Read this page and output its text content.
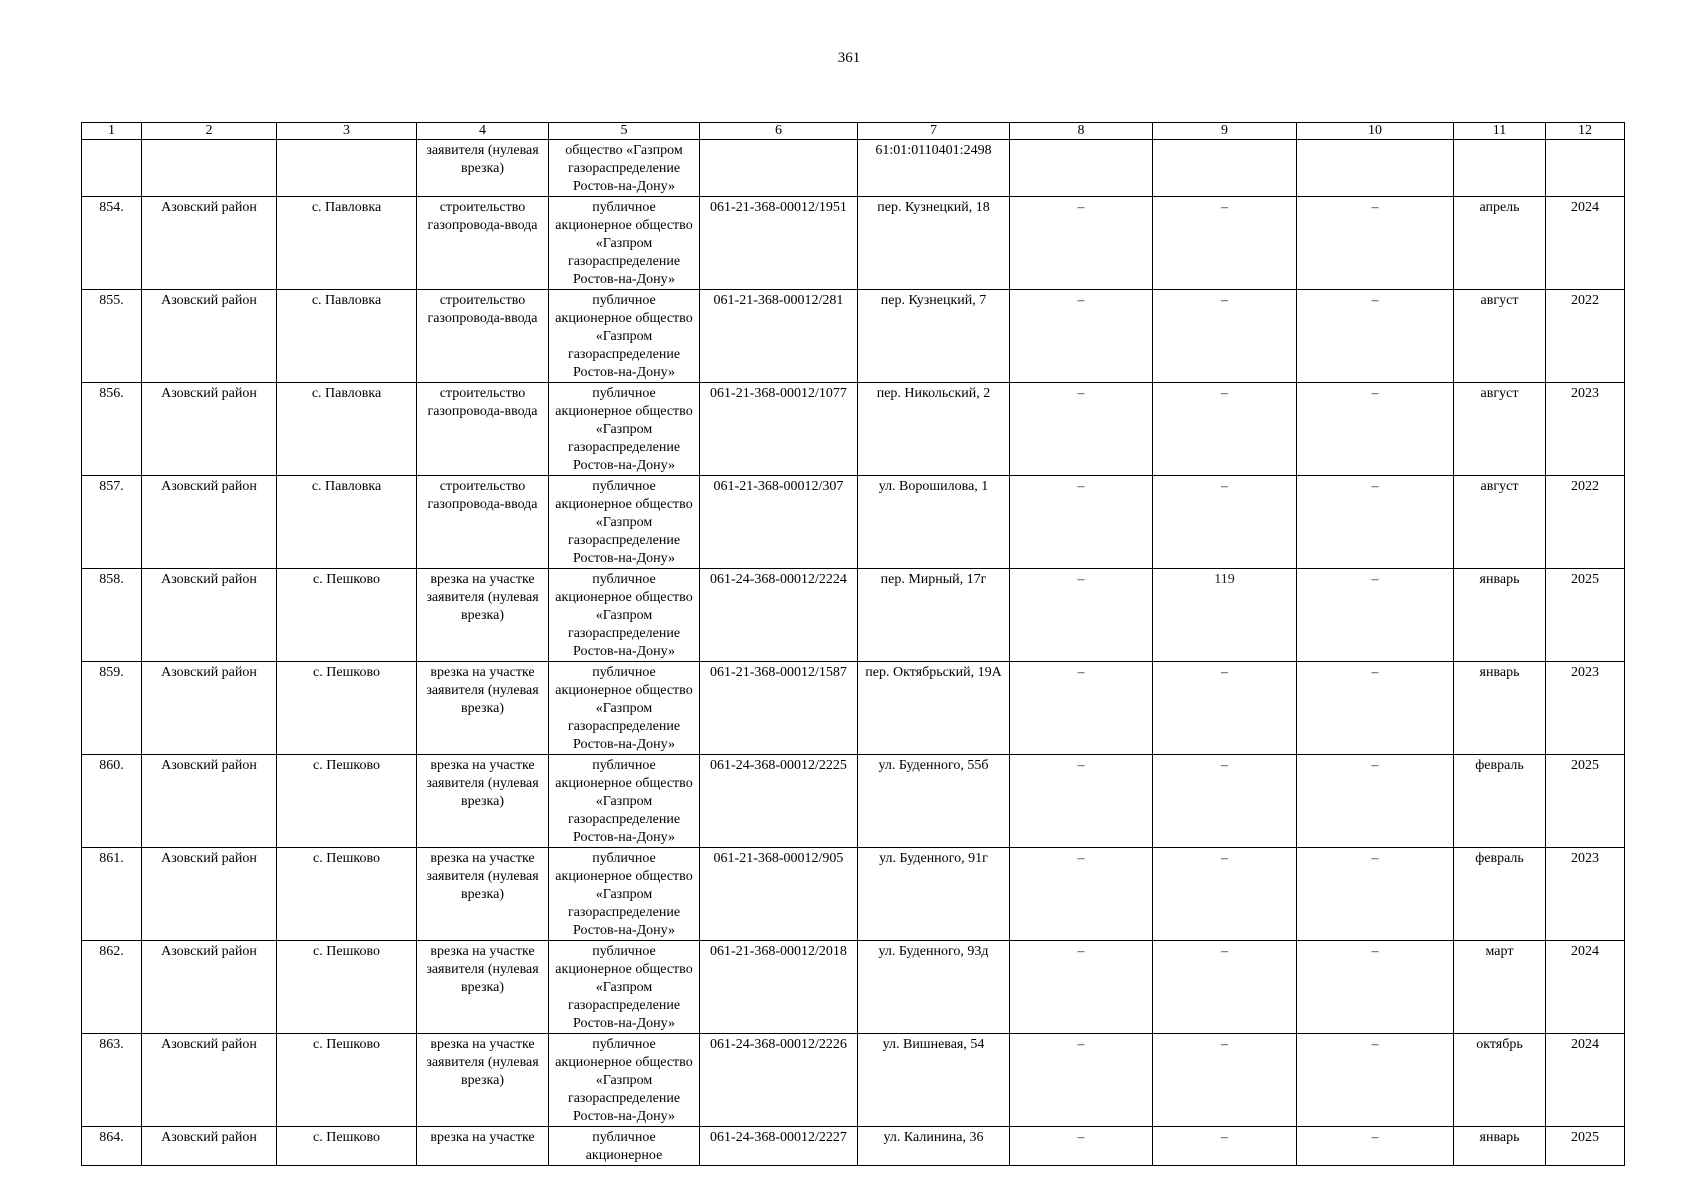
361
1	2	3	4	5	6	7	8	9	10	11	12
			заявителя (нулевая врезка)	общество «Газпром газораспределение Ростов-на-Дону»		61:01:0110401:2498					
854.	Азовский район	с. Павловка	строительство газопровода-ввода	публичное акционерное общество «Газпром газораспределение Ростов-на-Дону»	061-21-368-00012/1951	пер. Кузнецкий, 18	–	–	–	апрель	2024
855.	Азовский район	с. Павловка	строительство газопровода-ввода	публичное акционерное общество «Газпром газораспределение Ростов-на-Дону»	061-21-368-00012/281	пер. Кузнецкий, 7	–	–	–	август	2022
856.	Азовский район	с. Павловка	строительство газопровода-ввода	публичное акционерное общество «Газпром газораспределение Ростов-на-Дону»	061-21-368-00012/1077	пер. Никольский, 2	–	–	–	август	2023
857.	Азовский район	с. Павловка	строительство газопровода-ввода	публичное акционерное общество «Газпром газораспределение Ростов-на-Дону»	061-21-368-00012/307	ул. Ворошилова, 1	–	–	–	август	2022
858.	Азовский район	с. Пешково	врезка на участке заявителя (нулевая врезка)	публичное акционерное общество «Газпром газораспределение Ростов-на-Дону»	061-24-368-00012/2224	пер. Мирный, 17г	–	119	–	январь	2025
859.	Азовский район	с. Пешково	врезка на участке заявителя (нулевая врезка)	публичное акционерное общество «Газпром газораспределение Ростов-на-Дону»	061-21-368-00012/1587	пер. Октябрьский, 19А	–	–	–	январь	2023
860.	Азовский район	с. Пешково	врезка на участке заявителя (нулевая врезка)	публичное акционерное общество «Газпром газораспределение Ростов-на-Дону»	061-24-368-00012/2225	ул. Буденного, 55б	–	–	–	февраль	2025
861.	Азовский район	с. Пешково	врезка на участке заявителя (нулевая врезка)	публичное акционерное общество «Газпром газораспределение Ростов-на-Дону»	061-21-368-00012/905	ул. Буденного, 91г	–	–	–	февраль	2023
862.	Азовский район	с. Пешково	врезка на участке заявителя (нулевая врезка)	публичное акционерное общество «Газпром газораспределение Ростов-на-Дону»	061-21-368-00012/2018	ул. Буденного, 93д	–	–	–	март	2024
863.	Азовский район	с. Пешково	врезка на участке заявителя (нулевая врезка)	публичное акционерное общество «Газпром газораспределение Ростов-на-Дону»	061-24-368-00012/2226	ул. Вишневая, 54	–	–	–	октябрь	2024
864.	Азовский район	с. Пешково	врезка на участке	публичное акционерное	061-24-368-00012/2227	ул. Калинина, 36	–	–	–	январь	2025
